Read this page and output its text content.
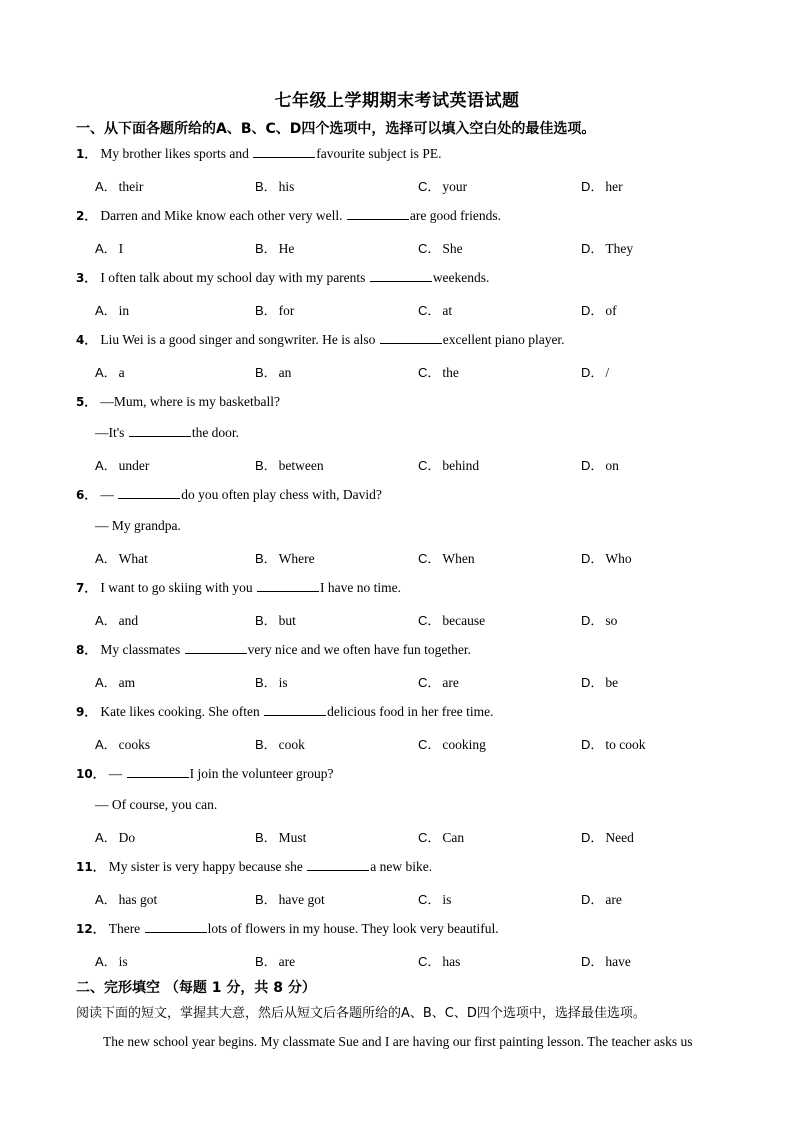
七年级上学期期末考试英语试题
一、从下面各题所给的A、B、C、D四个选项中，选择可以填入空白处的最佳选项。
1． My brother likes sports and	favourite subject is PE.
A． their	B． his	C． your	D． her
2． Darren and Mike know each other very well.	are good friends.
A． I	B． He	C． She	D． They
3． I often talk about my school day with my parents	weekends.
A． in	B． for	C． at	D． of
4． Liu Wei is a good singer and songwriter. He is also	excellent piano player.
A． a	B． an	C． the	D． /
5． —Mum, where is my basketball?
—It's	the door.
A． under	B． between	C． behind	D． on
6． —	do you often play chess with, David?
— My grandpa.
A． What	B． Where	C． When	D． Who
7． I want to go skiing with you	I have no time.
A． and	B． but	C． because	D． so
8． My classmates	very nice and we often have fun together.
A． am	B． is	C． are	D． be
9． Kate likes cooking. She often	delicious food in her free time.
A． cooks	B． cook	C． cooking	D． to cook
10． —	I join the volunteer group?
— Of course, you can.
A． Do	B． Must	C． Can	D． Need
11． My sister is very happy because she	a new bike.
A． has got	B． have got	C． is	D． are
12． There	lots of flowers in my house. They look very beautiful.
A． is	B． are	C． has	D． have
二、完形填空 （每题 1 分，共 8 分）
阅读下面的短文，掌握其大意，然后从短文后各题所给的A、B、C、D四个选项中，选择最佳选项。
The new school year begins. My classmate Sue and I are having our first painting lesson. The teacher asks us
